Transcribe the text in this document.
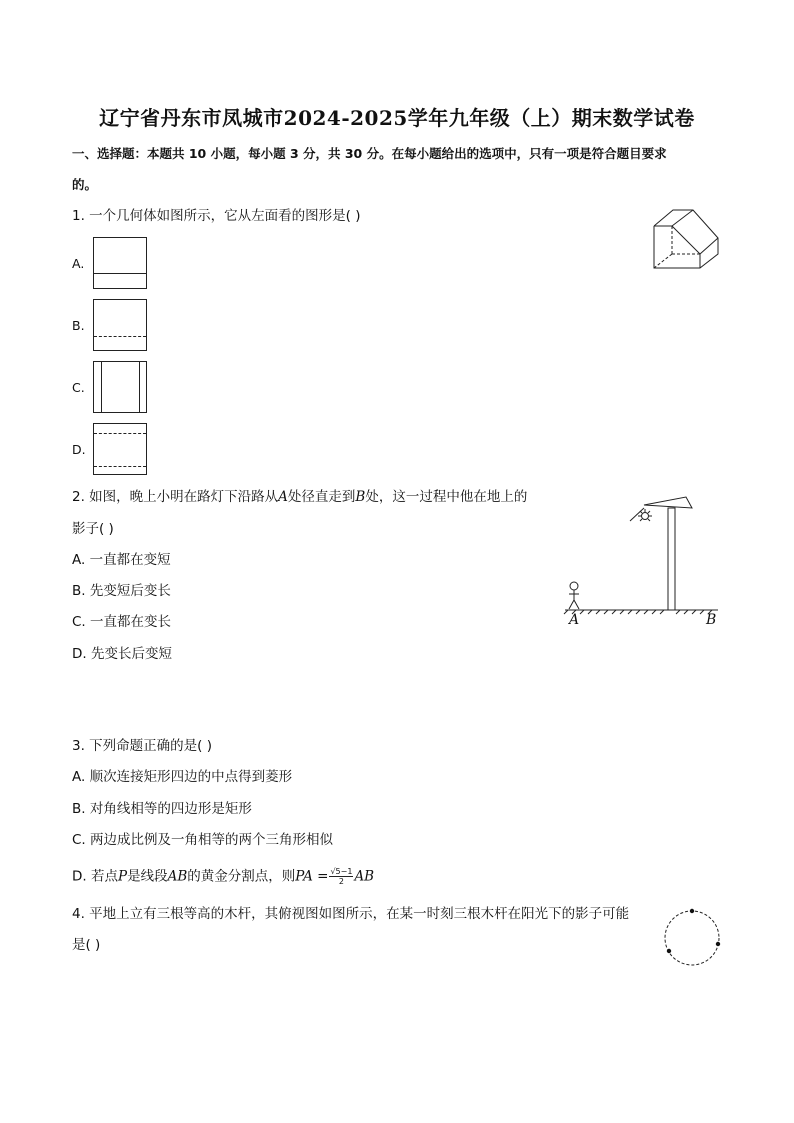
辽宁省丹东市凤城市2024-2025学年九年级（上）期末数学试卷
一、选择题：本题共 10 小题，每小题 3 分，共 30 分。在每小题给出的选项中，只有一项是符合题目要求
的。
1. 一个几何体如图所示，它从左面看的图形是( )
A.
B.
C.
D.
2. 如图，晚上小明在路灯下沿路从A处径直走到B处，这一过程中他在地上的
影子( )
A. 一直都在变短
B. 先变短后变长
C. 一直都在变长
D. 先变长后变短
A	B
3. 下列命题正确的是( )
A. 顺次连接矩形四边的中点得到菱形
B. 对角线相等的四边形是矩形
C. 两边成比例及一角相等的两个三角形相似
D. 若点P是线段AB的黄金分割点，则PA = $\frac{√5-1}{2}$ AB
4. 平地上立有三根等高的木杆，其俯视图如图所示，在某一时刻三根木杆在阳光下的影子可能
是( )
